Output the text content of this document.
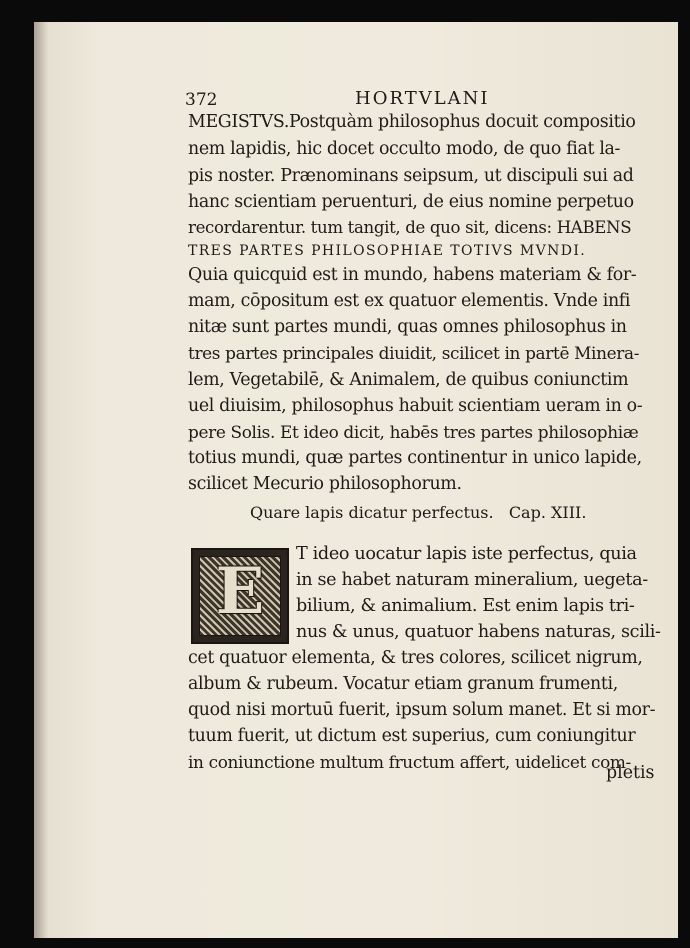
372	HORTVLANI
MEGISTVS.Postquàm philosophus docuit compositio
nem lapidis, hic docet occulto modo, de quo fiat la-
pis noster. Prænominans seipsum, ut discipuli sui ad
hanc scientiam peruenturi, de eius nomine perpetuo
recordarentur. tum tangit, de quo sit, dicens: HABENS
TRES PARTES PHILOSOPHIAE TOTIVS MVNDI.
Quia quicquid est in mundo, habens materiam & for-
mam, cōpositum est ex quatuor elementis. Vnde infi
nitæ sunt partes mundi, quas omnes philosophus in
tres partes principales diuidit, scilicet in partē Minera-
lem, Vegetabilē, & Animalem, de quibus coniunctim
uel diuisim, philosophus habuit scientiam ueram in o-
pere Solis. Et ideo dicit, habēs tres partes philosophiæ
totius mundi, quæ partes continentur in unico lapide,
scilicet Mecurio philosophorum.
Quare lapis dicatur perfectus. Cap. XIII.
E	T ideo uocatur lapis iste perfectus, quia
in se habet naturam mineralium, uegeta-
bilium, & animalium. Est enim lapis tri-
nus & unus, quatuor habens naturas, scili-
cet quatuor elementa, & tres colores, scilicet nigrum,
album & rubeum. Vocatur etiam granum frumenti,
quod nisi mortuū fuerit, ipsum solum manet. Et si mor-
tuum fuerit, ut dictum est superius, cum coniungitur
in coniunctione multum fructum affert, uidelicet com-
pletis
